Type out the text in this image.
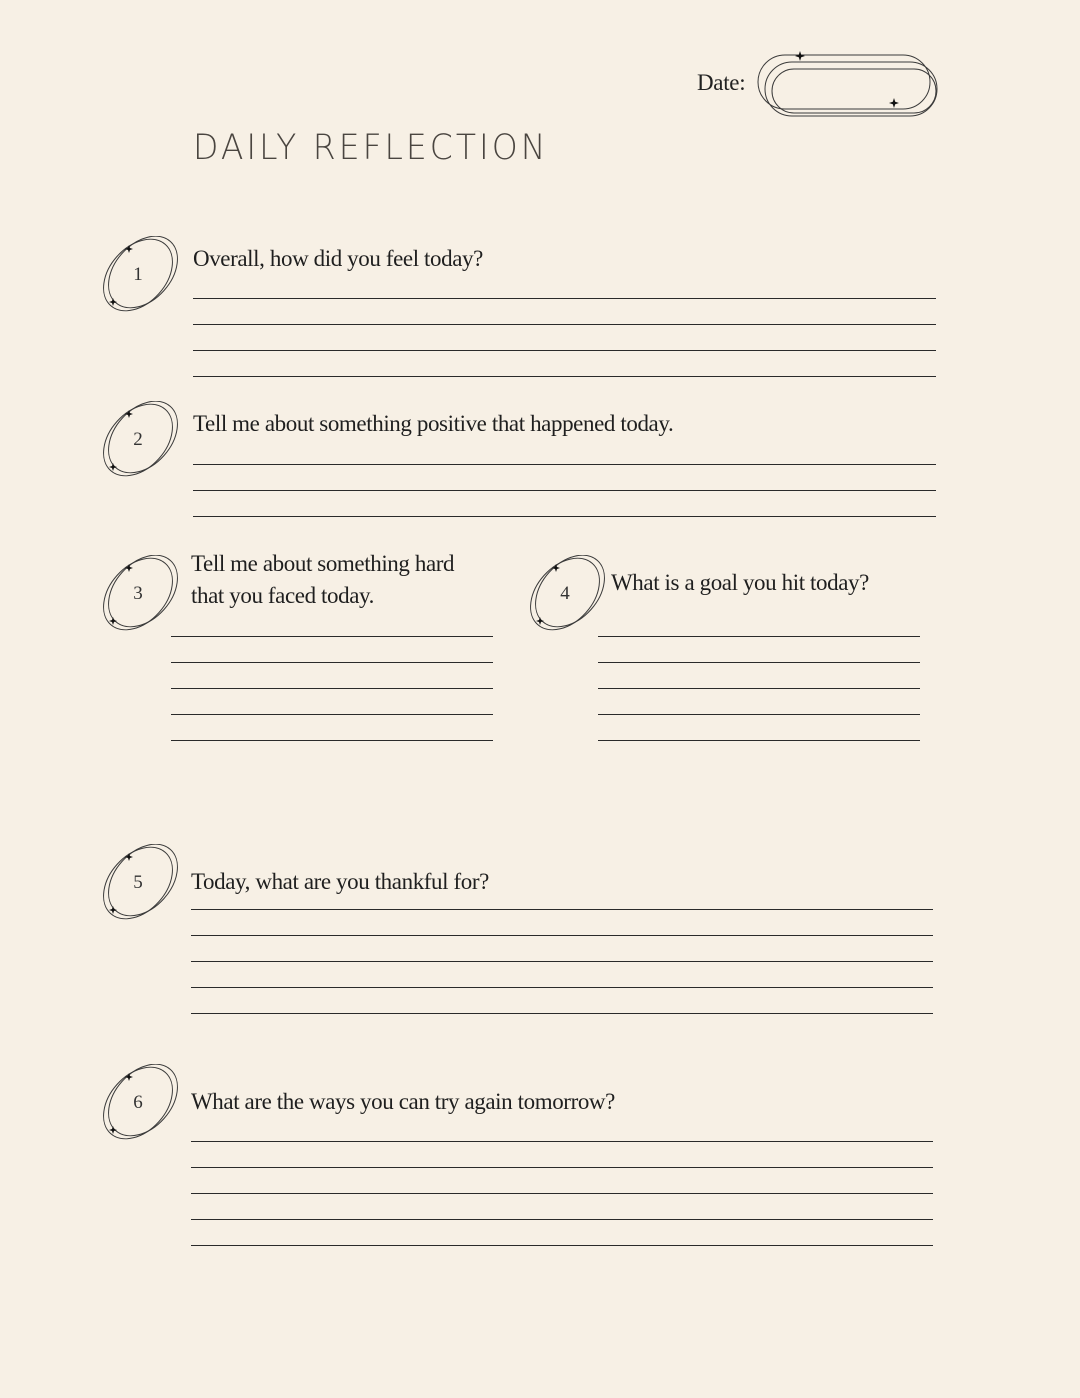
Date:
DAILY REFLECTION
1
Overall, how did you feel today?
2
Tell me about something positive that happened today.
3
Tell me about something hard
that you faced today.	4	What is a goal you hit today?
5	Today, what are you thankful for?
6	What are the ways you can try again tomorrow?
